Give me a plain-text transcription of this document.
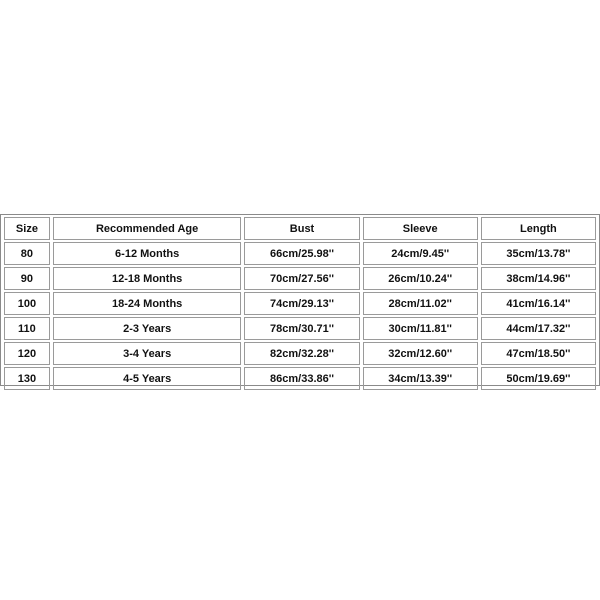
Size	Recommended Age	Bust	Sleeve	Length
80	6-12 Months	66cm/25.98''	24cm/9.45''	35cm/13.78''
90	12-18 Months	70cm/27.56''	26cm/10.24''	38cm/14.96''
100	18-24 Months	74cm/29.13''	28cm/11.02''	41cm/16.14''
110	2-3 Years	78cm/30.71''	30cm/11.81''	44cm/17.32''
120	3-4 Years	82cm/32.28''	32cm/12.60''	47cm/18.50''
130	4-5 Years	86cm/33.86''	34cm/13.39''	50cm/19.69''
